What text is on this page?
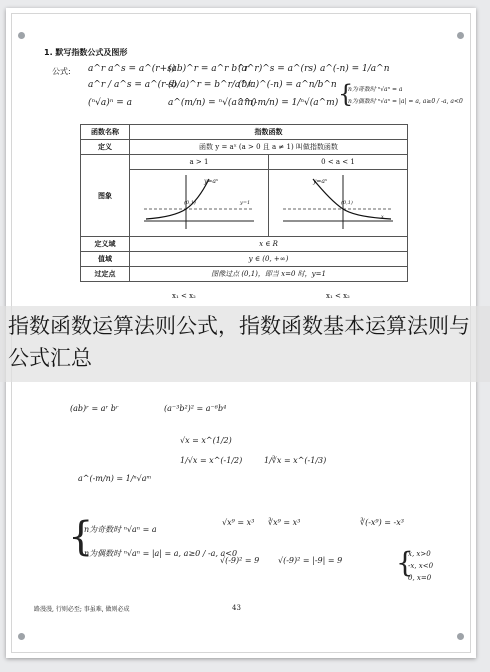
1. 默写指数公式及图形
公式: a^r a^s = a^(r+s)
(ab)^r = a^r b^r
(a^r)^s = a^(rs) a^(-n) = 1/a^n
a^r / a^s = a^(r-s)
(b/a)^r = b^r/a^r
(b/a)^(-n) = a^n/b^n
(ⁿ√a)ⁿ = a	a^(m/n) = ⁿ√(a^m)
a^(-m/n) = 1/ⁿ√(a^m) {
n为奇数时 ⁿ√aⁿ = a
n为偶数时 ⁿ√aⁿ = |a| = a, a≥0 / -a, a<0
函数名称	指数函数	
定义	函数 y = aˣ (a > 0 且 a ≠ 1) 叫做指数函数	
图象	a > 1	0 < a < 1

	y=aˣ
(0,1) y=1	y=aˣ
(0,1)
x

定义域	x ∈ R	
值域	y ∈ (0, +∞)	
过定点	图像过点 (0,1)，即当 x=0 时，y=1	
x₁ < x₂	x₁ < x₂
指数函数运算法则公式，指数函数基本运算法则与公式汇总
(ab)ʳ = aʳ bʳ	(a⁻³b²)² = a⁻⁶b⁴
a^(-m/n) = 1/ⁿ√aᵐ
√x = x^(1/2)
1/√x = x^(-1/2)	1/∛x = x^(-1/3)
{
n为奇数时 ⁿ√aⁿ = a
n为偶数时 ⁿ√aⁿ = |a| = a, a≥0 / -a, a<0
√x⁹ = x³ ∛x⁹ = x³	∛(-x⁹) = -x³
√(-9)² = 9 √(-9)² = |-9| = 9 {
x, x>0
-x, x<0
0, x=0
路漫漫, 行则必至; 事虽难, 做则必成	43
